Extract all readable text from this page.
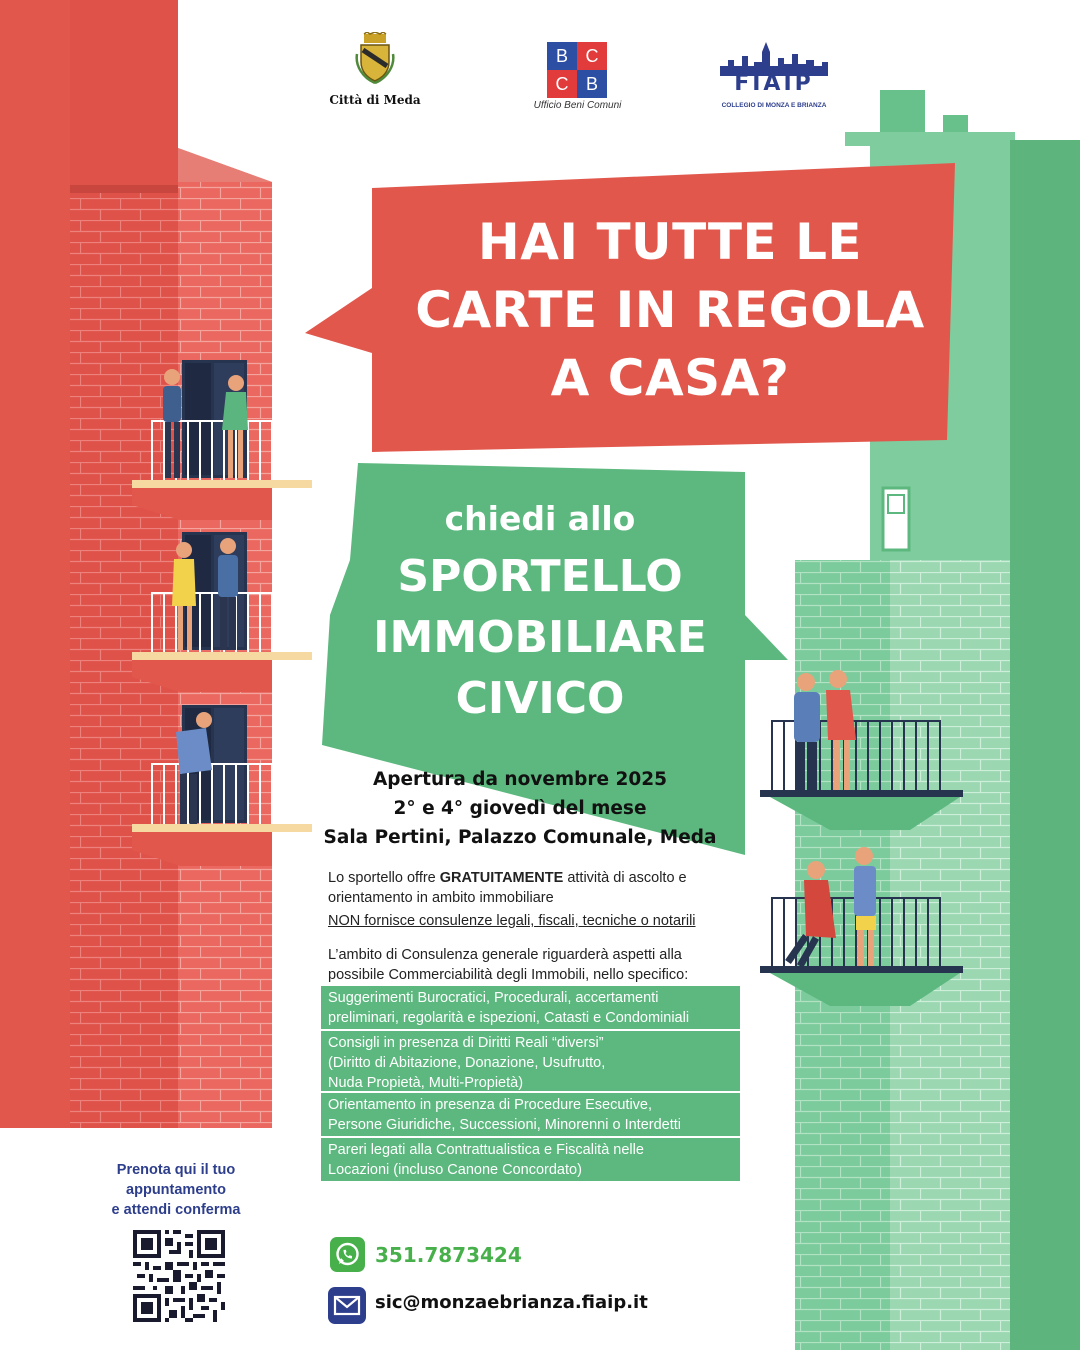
Città di Meda
B C
C B
Ufficio Beni Comuni
FIAIP
COLLEGIO DI MONZA E BRIANZA
HAI TUTTE LE
CARTE IN REGOLA
A CASA?
chiedi allo
SPORTELLO
IMMOBILIARE
CIVICO
Apertura da novembre 2025
2° e 4° giovedì del mese
Sala Pertini, Palazzo Comunale, Meda
Lo sportello offre GRATUITAMENTE attività di ascolto e orientamento in ambito immobiliare
NON fornisce consulenze legali, fiscali, tecniche o notarili
L’ambito di Consulenza generale riguarderà aspetti alla
possibile Commerciabilità degli Immobili, nello specifico:
Suggerimenti Burocratici, Procedurali, accertamenti
preliminari, regolarità e ispezioni, Catasti e Condominiali
Consigli in presenza di Diritti Reali “diversi”
(Diritto di Abitazione, Donazione, Usufrutto,
Nuda Propietà, Multi-Propietà)
Orientamento in presenza di Procedure Esecutive,
Persone Giuridiche, Successioni, Minorenni o Interdetti
Pareri legati alla Contrattualistica e Fiscalità nelle
Locazioni (incluso Canone Concordato)
Prenota qui il tuo
appuntamento
e attendi conferma
351.7873424
sic@monzaebrianza.fiaip.it
